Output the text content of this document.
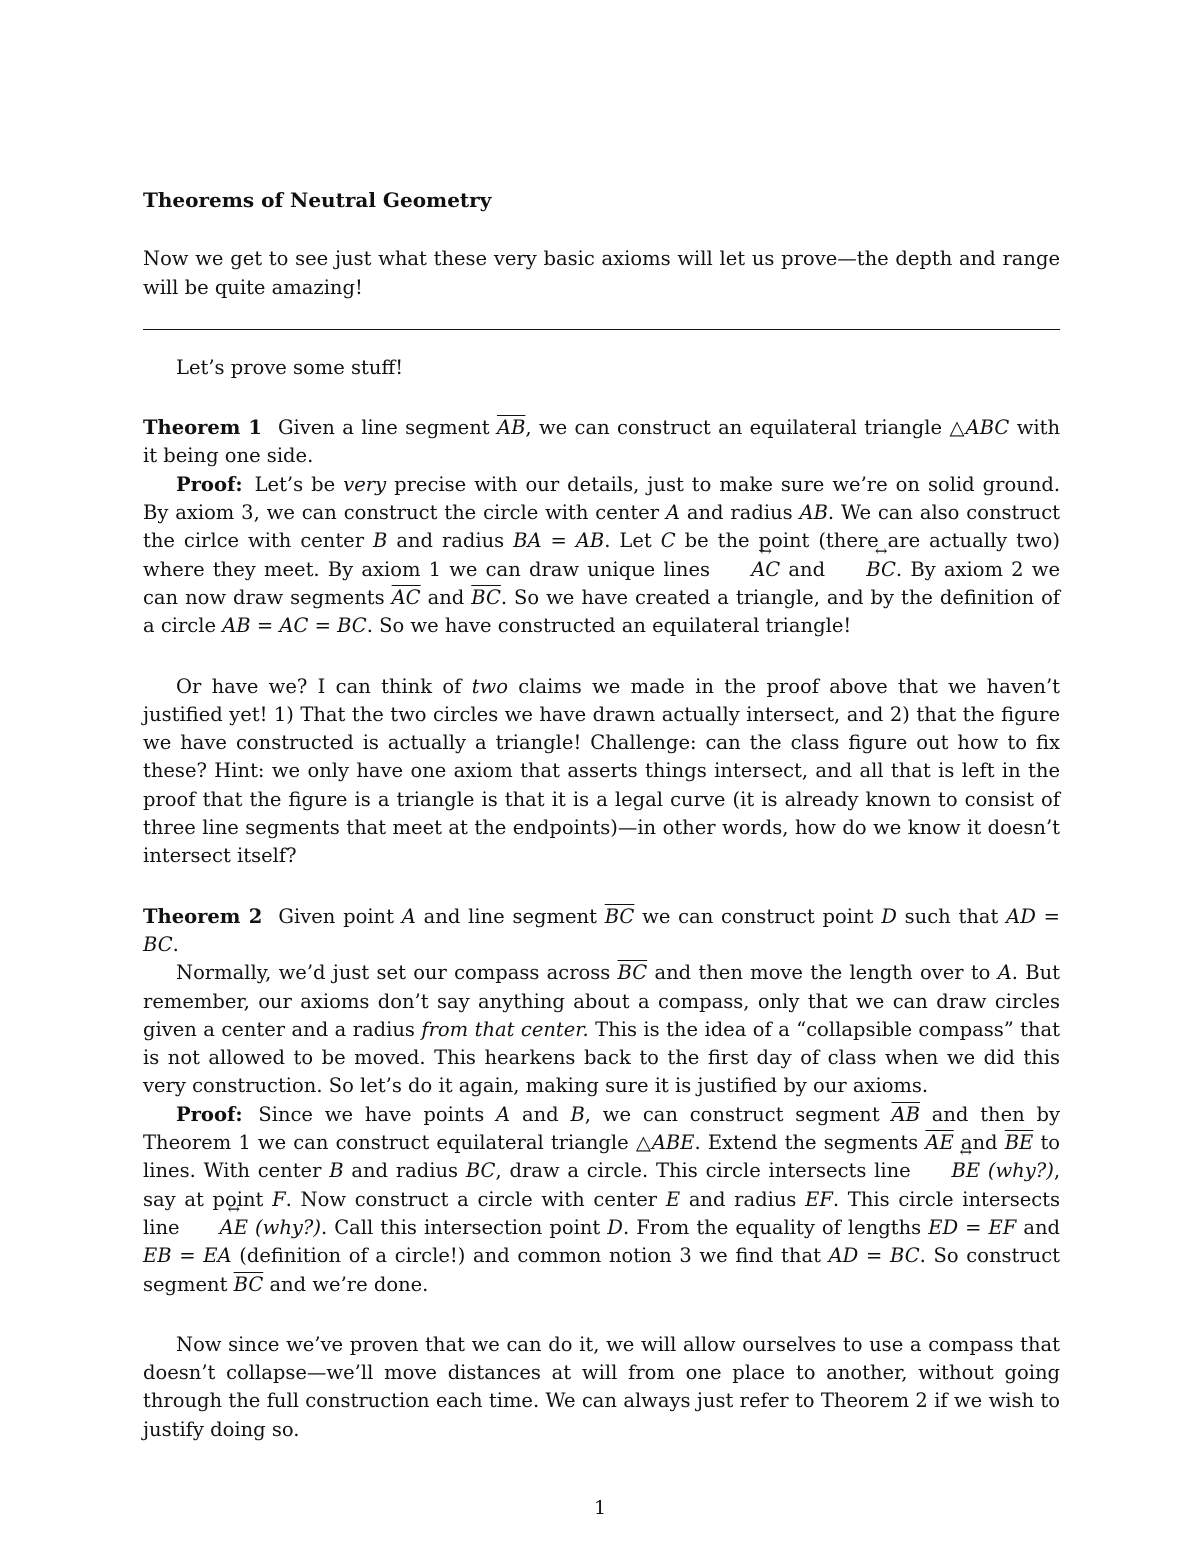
Theorems of Neutral Geometry

Now we get to see just what these very basic axioms will let us prove—the depth and range will be quite amazing!

Let’s prove some stuff!

Theorem 1 Given a line segment $\overline{AB}$, we can construct an equilateral triangle △ABC with it being one side.

Proof: Let’s be very precise with our details, just to make sure we’re on solid ground. By axiom 3, we can construct the circle with center A and radius AB. We can also construct the cirlce with center B and radius BA = AB. Let C be the point (there are actually two) where they meet. By axiom 1 we can draw unique lines ↔ AC and ↔ BC. By axiom 2 we can now draw segments $\overline{AC}$ and $\overline{BC}$. So we have created a triangle, and by the definition of a circle AB = AC = BC. So we have constructed an equilateral triangle!

Or have we? I can think of two claims we made in the proof above that we haven’t justified yet! 1) That the two circles we have drawn actually intersect, and 2) that the figure we have constructed is actually a triangle! Challenge: can the class figure out how to fix these? Hint: we only have one axiom that asserts things intersect, and all that is left in the proof that the figure is a triangle is that it is a legal curve (it is already known to consist of three line segments that meet at the endpoints)—in other words, how do we know it doesn’t intersect itself?

Theorem 2 Given point A and line segment $\overline{BC}$ we can construct point D such that AD = BC.

Normally, we’d just set our compass across $\overline{BC}$ and then move the length over to A. But remember, our axioms don’t say anything about a compass, only that we can draw circles given a center and a radius from that center. This is the idea of a “collapsible compass” that is not allowed to be moved. This hearkens back to the first day of class when we did this very construction. So let’s do it again, making sure it is justified by our axioms.

Proof: Since we have points A and B, we can construct segment $\overline{AB}$ and then by Theorem 1 we can construct equilateral triangle △ABE. Extend the segments $\overline{AE}$ and $\overline{BE}$ to lines. With center B and radius BC, draw a circle. This circle intersects line ↔ BE (why?), say at point F. Now construct a circle with center E and radius EF. This circle intersects line ↔ AE (why?). Call this intersection point D. From the equality of lengths ED = EF and EB = EA (definition of a circle!) and common notion 3 we find that AD = BC. So construct segment $\overline{BC}$ and we’re done.

Now since we’ve proven that we can do it, we will allow ourselves to use a compass that doesn’t collapse—we’ll move distances at will from one place to another, without going through the full construction each time. We can always just refer to Theorem 2 if we wish to justify doing so.

1
